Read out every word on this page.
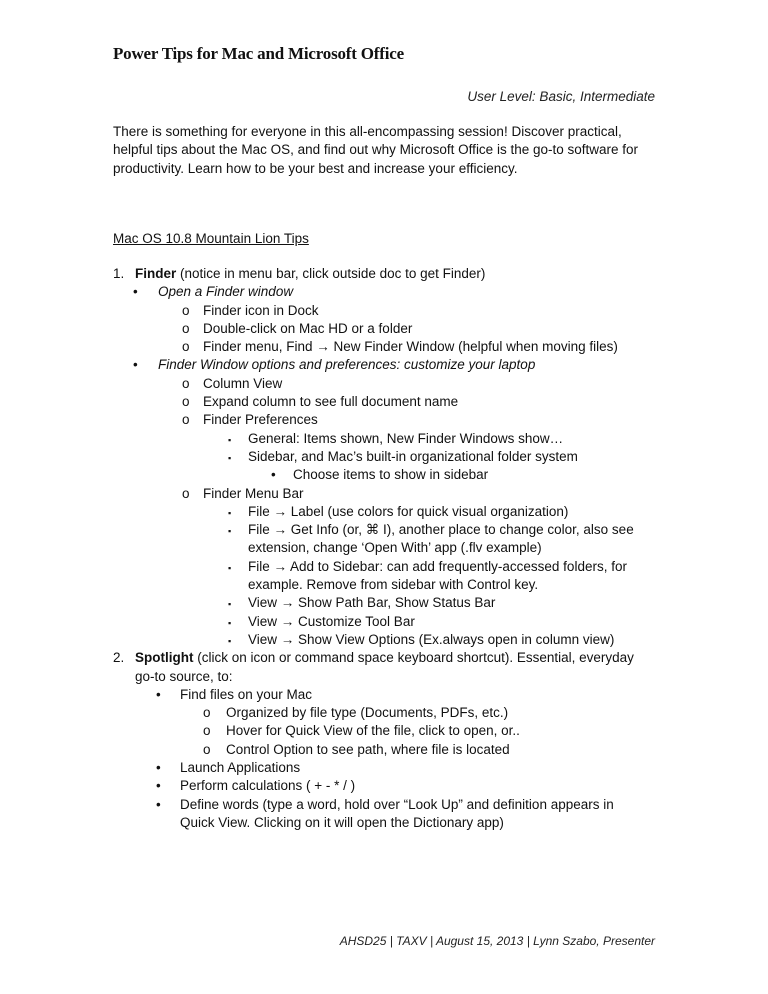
Power Tips for Mac and Microsoft Office
User Level: Basic, Intermediate
There is something for everyone in this all-encompassing session! Discover practical, helpful tips about the Mac OS, and find out why Microsoft Office is the go-to software for productivity. Learn how to be your best and increase your efficiency.
Mac OS 10.8 Mountain Lion Tips
1. Finder (notice in menu bar, click outside doc to get Finder)
•	Open a Finder window
o Finder icon in Dock
o Double-click on Mac HD or a folder
o Finder menu, Find → New Finder Window (helpful when moving files)
•	Finder Window options and preferences: customize your laptop
o Column View
o Expand column to see full document name
o Finder Preferences
▪	General: Items shown, New Finder Windows show…
▪	Sidebar, and Mac’s built-in organizational folder system
•	Choose items to show in sidebar
o Finder Menu Bar
▪	File → Label (use colors for quick visual organization)
▪	File → Get Info (or, ⌘ I), another place to change color, also see extension, change ‘Open With’ app (.flv example)
▪	File → Add to Sidebar: can add frequently-accessed folders, for example. Remove from sidebar with Control key.
▪	View → Show Path Bar, Show Status Bar
▪	View → Customize Tool Bar
▪	View → Show View Options (Ex.always open in column view)
2. Spotlight (click on icon or command space keyboard shortcut). Essential, everyday go-to source, to:
•	Find files on your Mac
o	Organized by file type (Documents, PDFs, etc.)
o	Hover for Quick View of the file, click to open, or..
o	Control Option to see path, where file is located
•	Launch Applications
•	Perform calculations ( + - * / )
•	Define words (type a word, hold over “Look Up” and definition appears in Quick View. Clicking on it will open the Dictionary app)
AHSD25 | TAXV | August 15, 2013 | Lynn Szabo, Presenter
